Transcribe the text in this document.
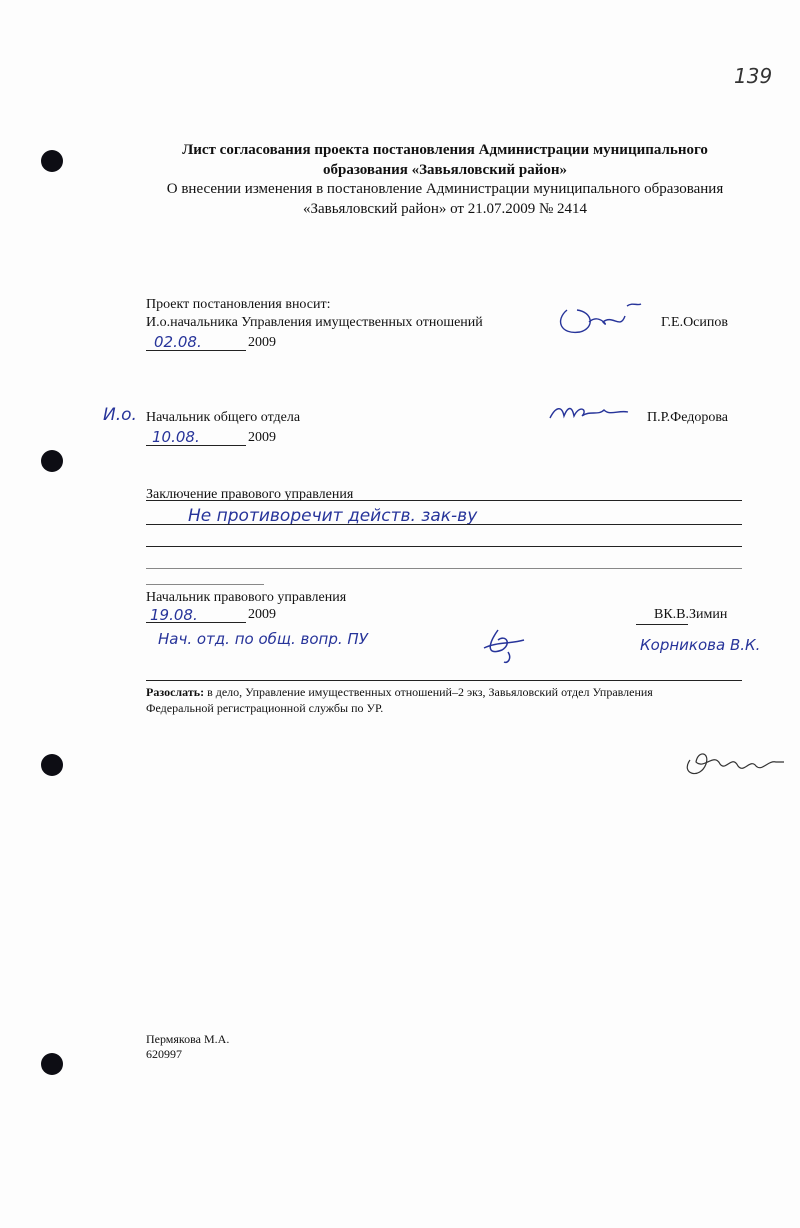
139
Лист согласования проекта постановления Администрации муниципального
образования «Завьяловский район»
О внесении изменения в постановление Администрации муниципального образования
«Завьяловский район» от 21.07.2009 № 2414
Проект постановления вносит:
И.о.начальника Управления имущественных отношений	Г.Е.Осипов
02.08.	2009
И.о. Начальник общего отдела	П.Р.Федорова
10.08.	2009
Заключение правового управления
Не противоречит действ. зак-ву
Начальник правового управления
19.08.	2009	ВК.В.Зимин
Нач. отд. по общ. вопр. ПУ	Корникова В.К.
Разослать: в дело, Управление имущественных отношений–2 экз, Завьяловский отдел Управления
Федеральной регистрационной службы по УР.
Пермякова М.А.
620997
